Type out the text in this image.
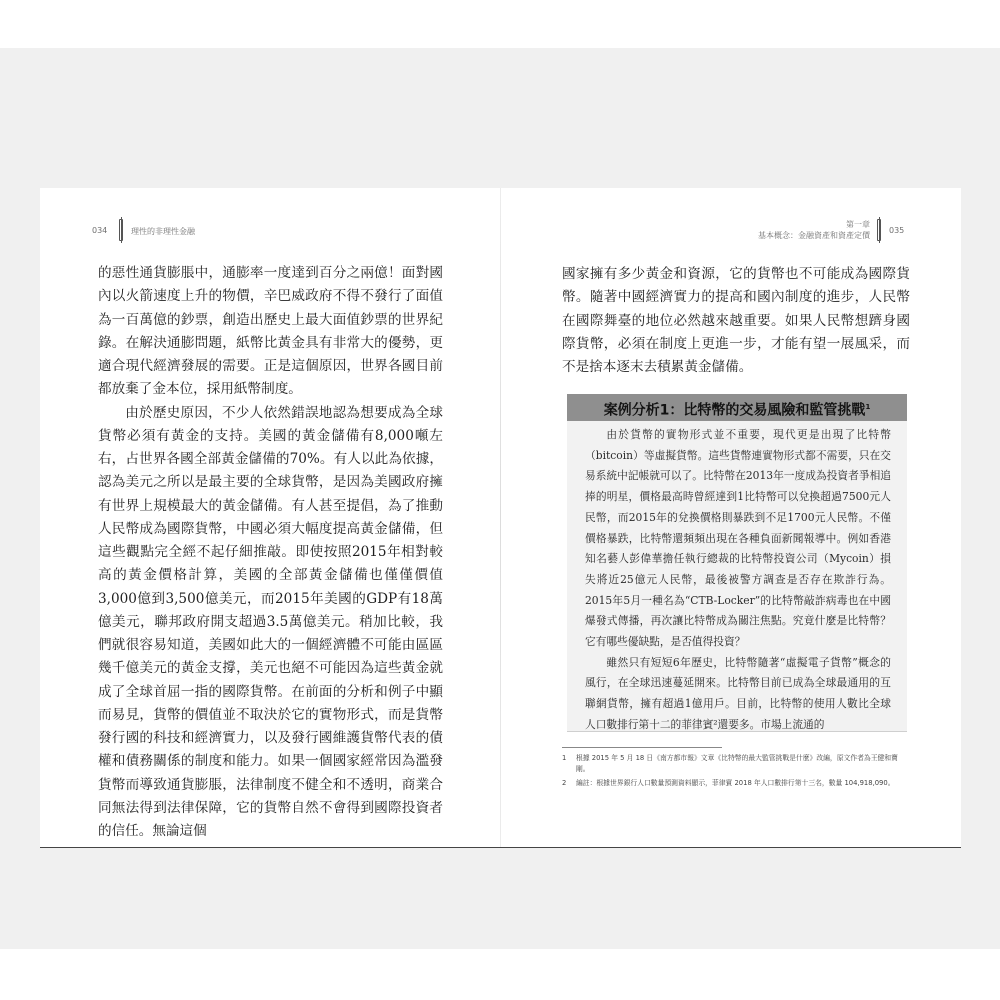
034	理性的非理性金融
第一章
基本概念：金融資產和資產定價
035

的惡性通貨膨脹中，通膨率一度達到百分之兩億！面對國內以火箭速度上升的物價，辛巴威政府不得不發行了面值為一百萬億的鈔票，創造出歷史上最大面值鈔票的世界紀錄。在解決通膨問題，紙幣比黃金具有非常大的優勢，更適合現代經濟發展的需要。正是這個原因，世界各國目前都放棄了金本位，採用紙幣制度。

由於歷史原因，不少人依然錯誤地認為想要成為全球貨幣必須有黃金的支持。美國的黃金儲備有8,000噸左右，占世界各國全部黃金儲備的70%。有人以此為依據，認為美元之所以是最主要的全球貨幣，是因為美國政府擁有世界上規模最大的黃金儲備。有人甚至提倡，為了推動人民幣成為國際貨幣，中國必須大幅度提高黃金儲備，但這些觀點完全經不起仔細推敲。即使按照2015年相對較高的黃金價格計算，美國的全部黃金儲備也僅僅價值3,000億到3,500億美元，而2015年美國的GDP有18萬億美元，聯邦政府開支超過3.5萬億美元。稍加比較，我們就很容易知道，美國如此大的一個經濟體不可能由區區幾千億美元的黃金支撐，美元也絕不可能因為這些黃金就成了全球首屈一指的國際貨幣。在前面的分析和例子中顯而易見，貨幣的價值並不取決於它的實物形式，而是貨幣發行國的科技和經濟實力，以及發行國維護貨幣代表的債權和債務關係的制度和能力。如果一個國家經常因為濫發貨幣而導致通貨膨脹，法律制度不健全和不透明，商業合同無法得到法律保障，它的貨幣自然不會得到國際投資者的信任。無論這個

國家擁有多少黃金和資源，它的貨幣也不可能成為國際貨幣。隨著中國經濟實力的提高和國內制度的進步，人民幣在國際舞臺的地位必然越來越重要。如果人民幣想躋身國際貨幣，必須在制度上更進一步，才能有望一展風采，而不是捨本逐末去積累黃金儲備。

案例分析1：比特幣的交易風險和監管挑戰$^1$

由於貨幣的實物形式並不重要，現代更是出現了比特幣（bitcoin）等虛擬貨幣。這些貨幣連實物形式都不需要，只在交易系統中記帳就可以了。比特幣在2013年一度成為投資者爭相追捧的明星，價格最高時曾經達到1比特幣可以兌換超過7500元人民幣，而2015年的兌換價格則暴跌到不足1700元人民幣。不僅價格暴跌，比特幣還頻頻出現在各種負面新聞報導中。例如香港知名藝人彭偉華擔任執行總裁的比特幣投資公司（Mycoin）損失將近25億元人民幣，最後被警方調查是否存在欺詐行為。2015年5月一種名為“CTB-Locker”的比特幣敲詐病毒也在中國爆發式傳播，再次讓比特幣成為關注焦點。究竟什麼是比特幣？它有哪些優缺點，是否值得投資？

雖然只有短短6年歷史，比特幣隨著“虛擬電子貨幣”概念的風行，在全球迅速蔓延開來。比特幣目前已成為全球最通用的互聯網貨幣，擁有超過1億用戶。目前，比特幣的使用人數比全球人口數排行第十二的菲律賓²還要多。市場上流通的

1 根據 2015 年 5 月 18 日《南方都市報》文章《比特幣的最大監管挑戰是什麼》改編，原文作者為王健和寶剛。
2 編註：根據世界銀行人口數量預測資料顯示，菲律賓 2018 年人口數排行第十三名，數量 104,918,090。
